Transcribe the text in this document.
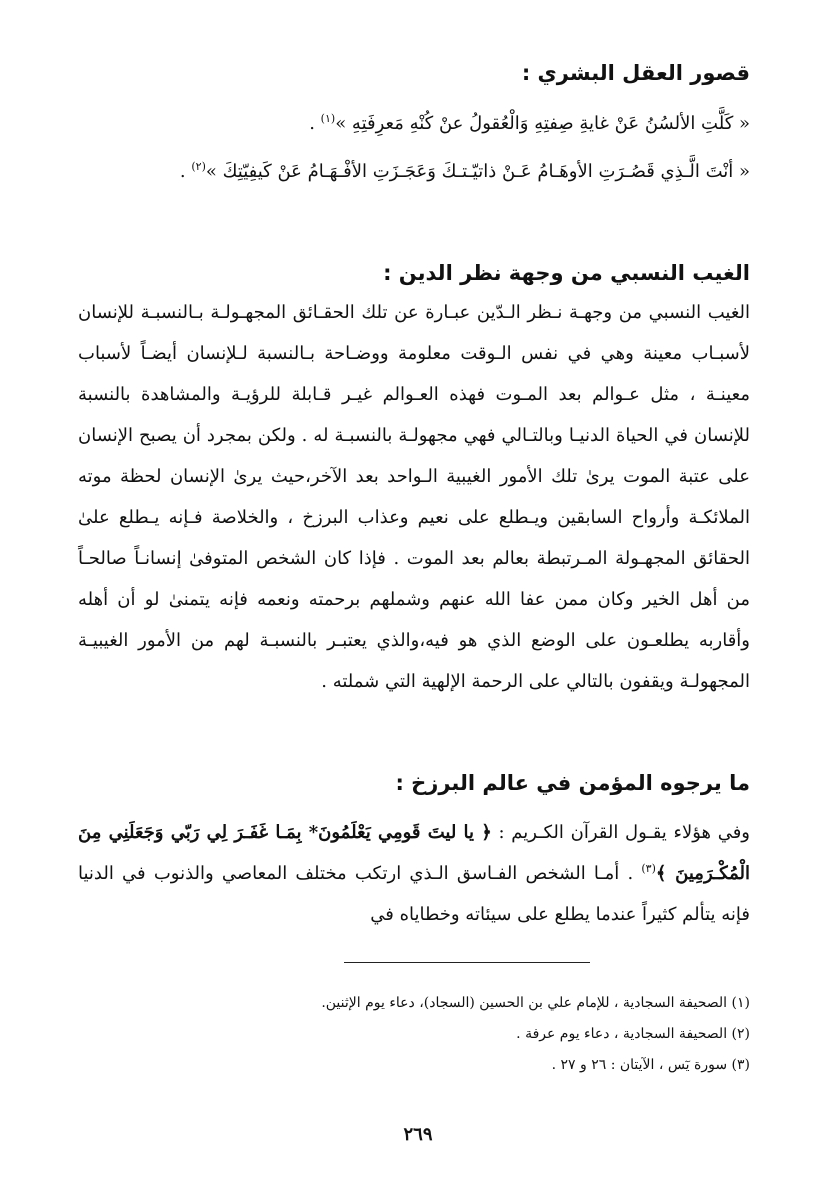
قصور العقل البشري :

« كَلَّتِ الألسُنُ عَنْ غايةِ صِفتِهِ وَالْعُقولُ عنْ كُنْهِ مَعرِفَتِهِ »$^{(١)}$ .

« أنْتَ الَّـذِي قَصُـرَتِ الأوهَـامُ عَـنْ ذاتيّـتـكَ وَعَجَـزَتِ الأفْـهَـامُ عَنْ كَيفِيّتِكَ »$^{(٢)}$ .

الغيب النسبي من وجهة نظر الدين :

الغيب النسبي من وجهـة نـظر الـدّين عبـارة عن تلك الحقـائق المجهـولـة بـالنسبـة للإنسان لأسبـاب معينة وهي في نفس الـوقت معلومة ووضـاحة بـالنسبة لـلإنسان أيضـاً لأسباب معينـة ، مثل عـوالم بعد المـوت فهذه العـوالم غيـر قـابلة للرؤيـة والمشاهدة بالنسبة للإنسان في الحياة الدنيـا وبالتـالي فهي مجهولـة بالنسبـة له . ولكن بمجرد أن يصبح الإنسان على عتبة الموت يرىٰ تلك الأمور الغيبية الـواحد بعد الآخر،حيث يرىٰ الإنسان لحظة موته الملائكـة وأرواح السابقين ويـطلع على نعيم وعذاب البرزخ ، والخلاصة فـإنه يـطلع علىٰ الحقائق المجهـولة المـرتبطة بعالم بعد الموت . فإذا كان الشخص المتوفىٰ إنسانـاً صالحـاً من أهل الخير وكان ممن عفا الله عنهم وشملهم برحمته ونعمه فإنه يتمنىٰ لو أن أهله وأقاربه يطلعـون على الوضع الذي هو فيه،والذي يعتبـر بالنسبـة لهم من الأمور الغيبيـة المجهولـة ويقفون بالتالي على الرحمة الإلهية التي شملته .

ما يرجوه المؤمن في عالم البرزخ :

وفي هؤلاء يقـول القرآن الكـريم : ﴿ يا ليتَ قَومِي يَعْلَمُونَ* بِمَـا غَفَـرَ لِي رَبّي وَجَعَلَنِي مِنَ الْمُكْـرَمِينَ ﴾$^{(٣)}$ . أمـا الشخص الفـاسق الـذي ارتكب مختلف المعاصي والذنوب في الدنيا فإنه يتألم كثيراً عندما يطلع على سيئاته وخطاياه في

(١) الصحيفة السجادية ، للإمام علي بن الحسين (السجاد)، دعاء يوم الإثنين.

(٢) الصحيفة السجادية ، دعاء يوم عرفة .

(٣) سورة يٓس ، الآيتان : ٢٦ و ٢٧ .

٢٦٩
